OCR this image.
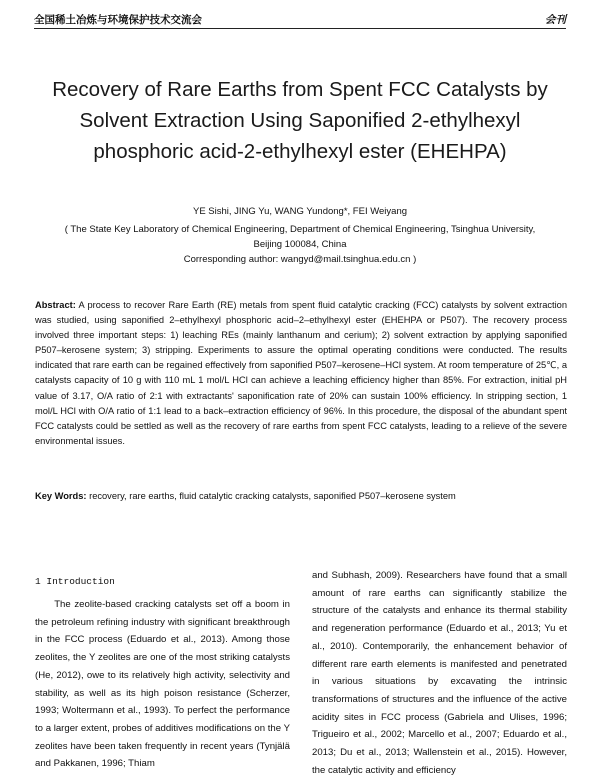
全国稀土冶炼与环境保护技术交流会	会刊
Recovery of Rare Earths from Spent FCC Catalysts by Solvent Extraction Using Saponified 2-ethylhexyl phosphoric acid-2-ethylhexyl ester (EHEHPA)
YE Sishi, JING Yu, WANG Yundong*, FEI Weiyang
( The State Key Laboratory of Chemical Engineering, Department of Chemical Engineering, Tsinghua University, Beijing 100084, China
Corresponding author: wangyd@mail.tsinghua.edu.cn )
Abstract: A process to recover Rare Earth (RE) metals from spent fluid catalytic cracking (FCC) catalysts by solvent extraction was studied, using saponified 2–ethylhexyl phosphoric acid–2–ethylhexyl ester (EHEHPA or P507). The recovery process involved three important steps: 1) leaching REs (mainly lanthanum and cerium); 2) solvent extraction by applying saponified P507–kerosene system; 3) stripping. Experiments to assure the optimal operating conditions were conducted. The results indicated that rare earth can be regained effectively from saponified P507–kerosene–HCl system. At room temperature of 25℃, a catalysts capacity of 10 g with 110 mL 1 mol/L HCl can achieve a leaching efficiency higher than 85%. For extraction, initial pH value of 3.17, O/A ratio of 2:1 with extractants' saponification rate of 20% can sustain 100% efficiency. In stripping section, 1 mol/L HCl with O/A ratio of 1:1 lead to a back–extraction efficiency of 96%. In this procedure, the disposal of the abundant spent FCC catalysts could be settled as well as the recovery of rare earths from spent FCC catalysts, leading to a relieve of the severe environmental issues.
Key Words: recovery, rare earths, fluid catalytic cracking catalysts, saponified P507–kerosene system
1 Introduction

The zeolite-based cracking catalysts set off a boom in the petroleum refining industry with significant breakthrough in the FCC process (Eduardo et al., 2013). Among those zeolites, the Y zeolites are one of the most striking catalysts (He, 2012), owe to its relatively high activity, selectivity and stability, as well as its high poison resistance (Scherzer, 1993; Woltermann et al., 1993). To perfect the performance to a larger extent, probes of additives modifications on the Y zeolites have been taken frequently in recent years (Tynjälä and Pakkanen, 1996; Thiam

and Subhash, 2009). Researchers have found that a small amount of rare earths can significantly stabilize the structure of the catalysts and enhance its thermal stability and regeneration performance (Eduardo et al., 2013; Yu et al., 2010). Contemporarily, the enhancement behavior of different rare earth elements is manifested and penetrated in various situations by excavating the intrinsic transformations of structures and the influence of the active acidity sites in FCC process (Gabriela and Ulises, 1996; Trigueiro et al., 2002; Marcello et al., 2007; Eduardo et al., 2013; Du et al., 2013; Wallenstein et al., 2015). However, the catalytic activity and efficiency
